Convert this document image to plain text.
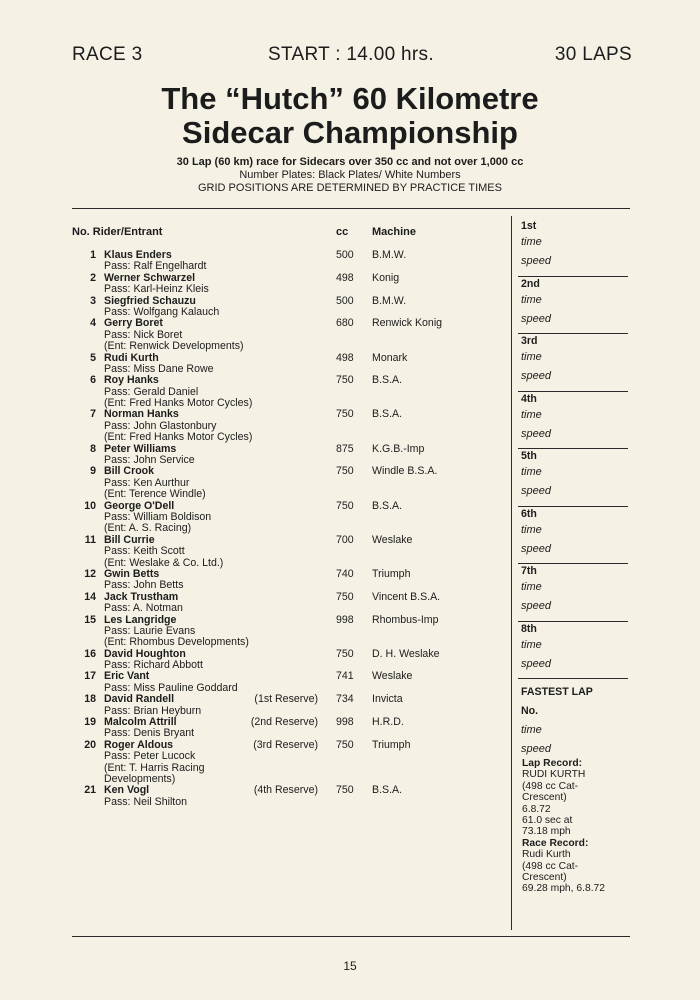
RACE 3	START : 14.00 hrs.	30 LAPS
The “Hutch” 60 Kilometre
Sidecar Championship
30 Lap (60 km) race for Sidecars over 350 cc and not over 1,000 cc
Number Plates: Black Plates/ White Numbers
GRID POSITIONS ARE DETERMINED BY PRACTICE TIMES
No. Rider/Entrant	cc Machine
1 Klaus Enders	500 B.M.W.
Pass: Ralf Engelhardt
2 Werner Schwarzel	498 Konig
Pass: Karl-Heinz Kleis
3 Siegfried Schauzu	500 B.M.W.
Pass: Wolfgang Kalauch
4 Gerry Boret	680 Renwick Konig
Pass: Nick Boret
(Ent: Renwick Developments)
5 Rudi Kurth	498 Monark
Pass: Miss Dane Rowe
6 Roy Hanks	750 B.S.A.
Pass: Gerald Daniel
(Ent: Fred Hanks Motor Cycles)
7 Norman Hanks	750 B.S.A.
Pass: John Glastonbury
(Ent: Fred Hanks Motor Cycles)
8 Peter Williams	875 K.G.B.-Imp
Pass: John Service
9 Bill Crook	750 Windle B.S.A.
Pass: Ken Aurthur
(Ent: Terence Windle)
10 George O'Dell	750 B.S.A.
Pass: William Boldison
(Ent: A. S. Racing)
11 Bill Currie	700 Weslake
Pass: Keith Scott
(Ent: Weslake & Co. Ltd.)
12 Gwin Betts	740 Triumph
Pass: John Betts
14 Jack Trustham	750 Vincent B.S.A.
Pass: A. Notman
15 Les Langridge	998 Rhombus-Imp
Pass: Laurie Evans
(Ent: Rhombus Developments)
16 David Houghton	750 D. H. Weslake
Pass: Richard Abbott
17 Eric Vant	741 Weslake
Pass: Miss Pauline Goddard
18 David Randell	(1st Reserve) 734 Invicta
Pass: Brian Heyburn
19 Malcolm Attrill	(2nd Reserve) 998 H.R.D.
Pass: Denis Bryant
20 Roger Aldous	(3rd Reserve) 750 Triumph
Pass: Peter Lucock
(Ent: T. Harris Racing
Developments)
21 Ken Vogl	(4th Reserve) 750 B.S.A.
Pass: Neil Shilton
1st
time
speed
2nd
time
speed
3rd
time
speed
4th
time
speed
5th
time
speed
6th
time
speed
7th
time
speed
8th
time
speed
FASTEST LAP
No.
time
speed
Lap Record:
RUDI KURTH
(498 cc Cat-
Crescent)
6.8.72
61.0 sec at
73.18 mph
Race Record:
Rudi Kurth
(498 cc Cat-
Crescent)
69.28 mph, 6.8.72
15
